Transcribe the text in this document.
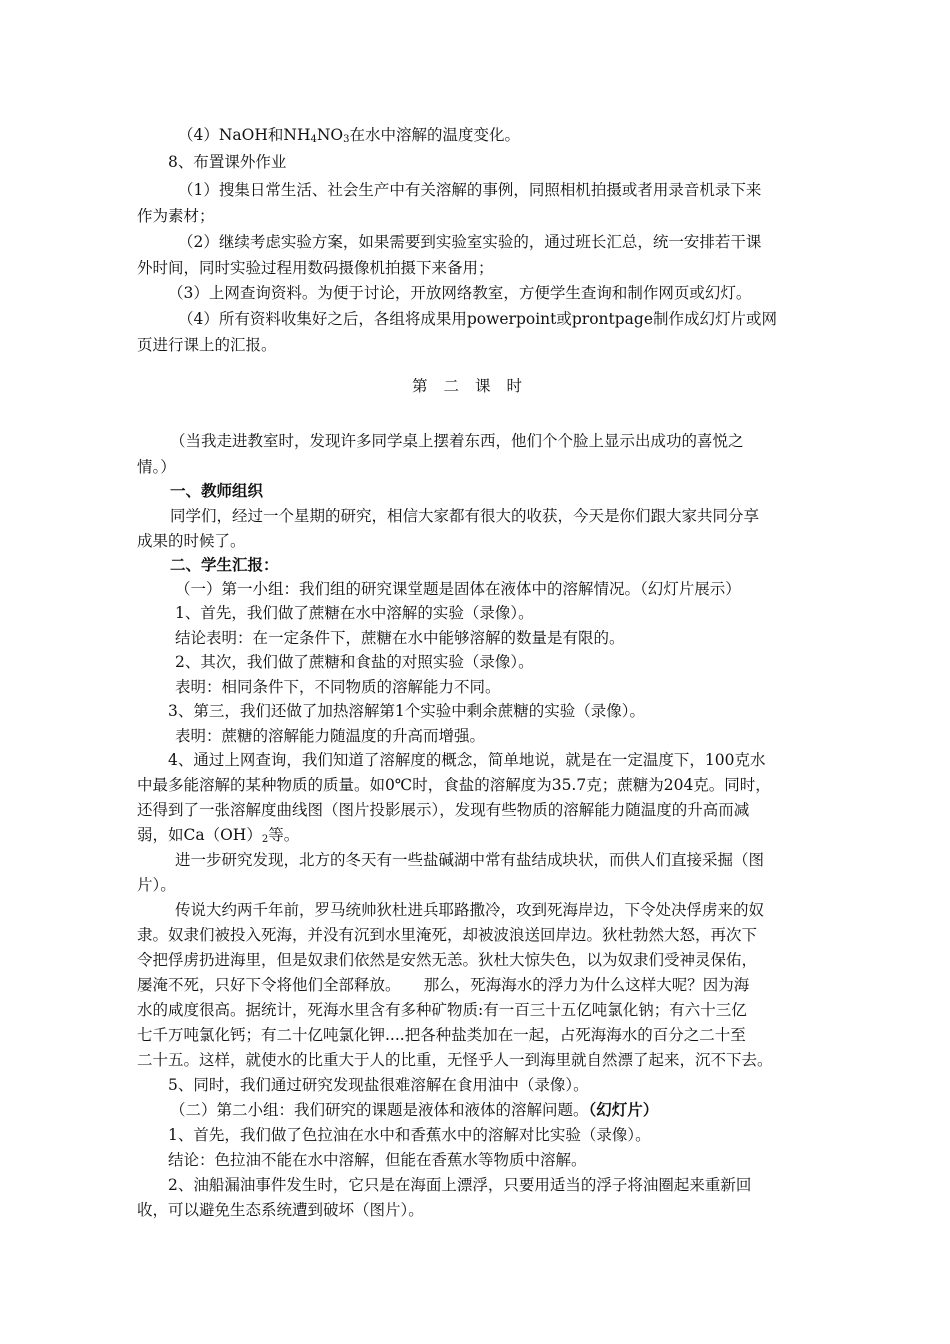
（4）NaOH和$NH_4NO_3$在水中溶解的温度变化。
8、布置课外作业
（1）搜集日常生活、社会生产中有关溶解的事例，同照相机拍摄或者用录音机录下来
作为素材；
（2）继续考虑实验方案，如果需要到实验室实验的，通过班长汇总，统一安排若干课
外时间，同时实验过程用数码摄像机拍摄下来备用；
（3）上网查询资料。为便于讨论，开放网络教室，方便学生查询和制作网页或幻灯。
（4）所有资料收集好之后，各组将成果用powerpoint或prontpage制作成幻灯片或网
页进行课上的汇报。
第二课时
（当我走进教室时，发现许多同学桌上摆着东西，他们个个脸上显示出成功的喜悦之
情。）
一、教师组织
同学们，经过一个星期的研究，相信大家都有很大的收获，今天是你们跟大家共同分享
成果的时候了。
二、学生汇报：
（一）第一小组：我们组的研究课堂题是固体在液体中的溶解情况。（幻灯片展示）
1、首先，我们做了蔗糖在水中溶解的实验（录像）。
结论表明：在一定条件下，蔗糖在水中能够溶解的数量是有限的。
2、其次，我们做了蔗糖和食盐的对照实验（录像）。
表明：相同条件下，不同物质的溶解能力不同。
3、第三，我们还做了加热溶解第1个实验中剩余蔗糖的实验（录像）。
表明：蔗糖的溶解能力随温度的升高而增强。
4、通过上网查询，我们知道了溶解度的概念，简单地说，就是在一定温度下，100克水
中最多能溶解的某种物质的质量。如0℃时，食盐的溶解度为35.7克；蔗糖为204克。同时，
还得到了一张溶解度曲线图（图片投影展示），发现有些物质的溶解能力随温度的升高而减
弱，如$Ca(OH)_2$等。
进一步研究发现，北方的冬天有一些盐碱湖中常有盐结成块状，而供人们直接采掘（图
片）。
传说大约两千年前，罗马统帅狄杜进兵耶路撒冷，攻到死海岸边，下令处决俘虏来的奴
隶。奴隶们被投入死海，并没有沉到水里淹死，却被波浪送回岸边。狄杜勃然大怒，再次下
令把俘虏扔进海里，但是奴隶们依然是安然无恙。狄杜大惊失色，以为奴隶们受神灵保佑，
屡淹不死，只好下令将他们全部释放。　　那么，死海海水的浮力为什么这样大呢？因为海
水的咸度很高。据统计，死海水里含有多种矿物质:有一百三十五亿吨氯化钠；有六十三亿
七千万吨氯化钙；有二十亿吨氯化钾....把各种盐类加在一起，占死海海水的百分之二十至
二十五。这样，就使水的比重大于人的比重，无怪乎人一到海里就自然漂了起来，沉不下去。
5、同时，我们通过研究发现盐很难溶解在食用油中（录像）。
（二）第二小组：我们研究的课题是液体和液体的溶解问题。（幻灯片）
1、首先，我们做了色拉油在水中和香蕉水中的溶解对比实验（录像）。
结论：色拉油不能在水中溶解，但能在香蕉水等物质中溶解。
2、油船漏油事件发生时，它只是在海面上漂浮，只要用适当的浮子将油圈起来重新回
收，可以避免生态系统遭到破坏（图片）。
